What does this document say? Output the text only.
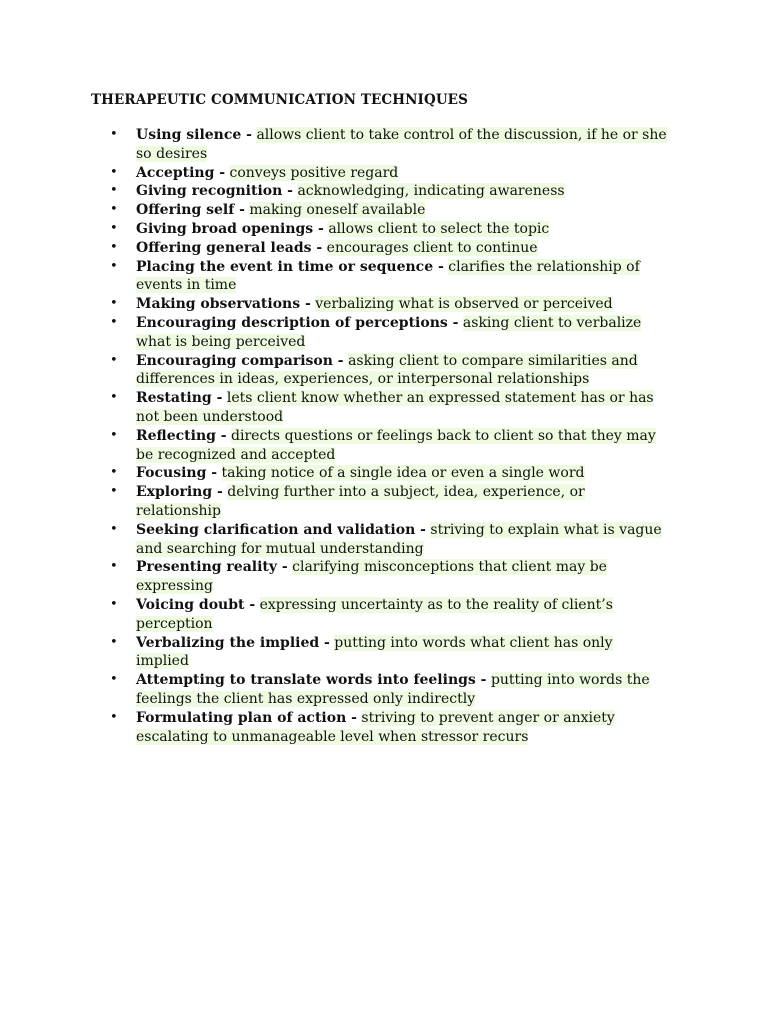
THERAPEUTIC COMMUNICATION TECHNIQUES
• Using silence - allows client to take control of the discussion, if he or she so desires
• Accepting - conveys positive regard
• Giving recognition - acknowledging, indicating awareness
• Offering self - making oneself available
• Giving broad openings - allows client to select the topic
• Offering general leads - encourages client to continue
• Placing the event in time or sequence - clarifies the relationship of events in time
• Making observations - verbalizing what is observed or perceived
• Encouraging description of perceptions - asking client to verbalize what is being perceived
• Encouraging comparison - asking client to compare similarities and differences in ideas, experiences, or interpersonal relationships
• Restating - lets client know whether an expressed statement has or has not been understood
• Reflecting - directs questions or feelings back to client so that they may be recognized and accepted
• Focusing - taking notice of a single idea or even a single word
• Exploring - delving further into a subject, idea, experience, or relationship
• Seeking clarification and validation - striving to explain what is vague and searching for mutual understanding
• Presenting reality - clarifying misconceptions that client may be expressing
• Voicing doubt - expressing uncertainty as to the reality of client’s perception
• Verbalizing the implied - putting into words what client has only implied
• Attempting to translate words into feelings - putting into words the feelings the client has expressed only indirectly
• Formulating plan of action - striving to prevent anger or anxiety escalating to unmanageable level when stressor recurs
